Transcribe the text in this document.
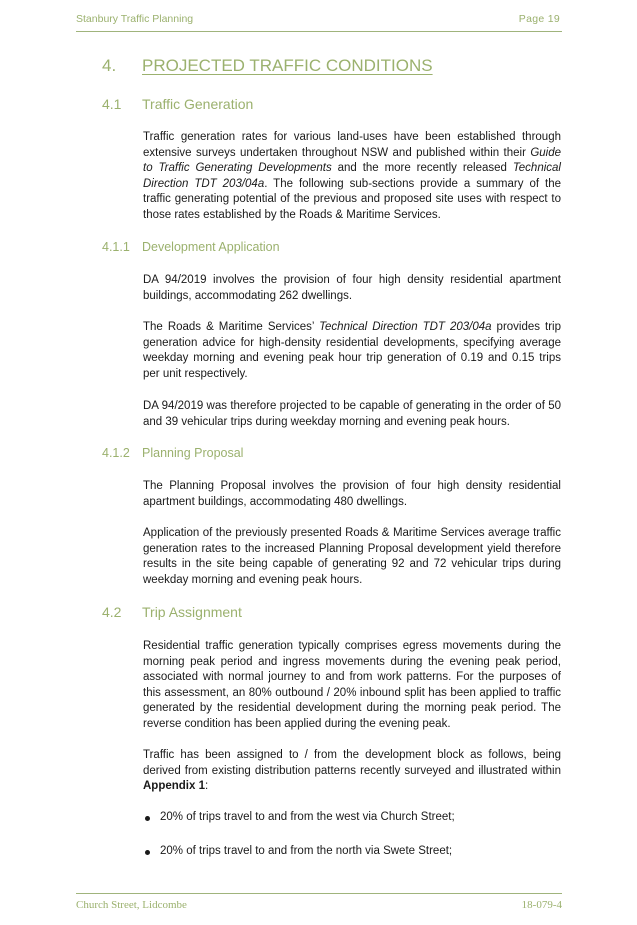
Stanbury Traffic Planning	Page 19
4. PROJECTED TRAFFIC CONDITIONS
4.1 Traffic Generation
Traffic generation rates for various land-uses have been established through extensive surveys undertaken throughout NSW and published within their Guide to Traffic Generating Developments and the more recently released Technical Direction TDT 203/04a. The following sub-sections provide a summary of the traffic generating potential of the previous and proposed site uses with respect to those rates established by the Roads & Maritime Services.
4.1.1 Development Application
DA 94/2019 involves the provision of four high density residential apartment buildings, accommodating 262 dwellings.
The Roads & Maritime Services’ Technical Direction TDT 203/04a provides trip generation advice for high-density residential developments, specifying average weekday morning and evening peak hour trip generation of 0.19 and 0.15 trips per unit respectively.
DA 94/2019 was therefore projected to be capable of generating in the order of 50 and 39 vehicular trips during weekday morning and evening peak hours.
4.1.2 Planning Proposal
The Planning Proposal involves the provision of four high density residential apartment buildings, accommodating 480 dwellings.
Application of the previously presented Roads & Maritime Services average traffic generation rates to the increased Planning Proposal development yield therefore results in the site being capable of generating 92 and 72 vehicular trips during weekday morning and evening peak hours.
4.2 Trip Assignment
Residential traffic generation typically comprises egress movements during the morning peak period and ingress movements during the evening peak period, associated with normal journey to and from work patterns. For the purposes of this assessment, an 80% outbound / 20% inbound split has been applied to traffic generated by the residential development during the morning peak period. The reverse condition has been applied during the evening peak.
Traffic has been assigned to / from the development block as follows, being derived from existing distribution patterns recently surveyed and illustrated within Appendix 1:
20% of trips travel to and from the west via Church Street;
20% of trips travel to and from the north via Swete Street;
Church Street, Lidcombe	18-079-4
